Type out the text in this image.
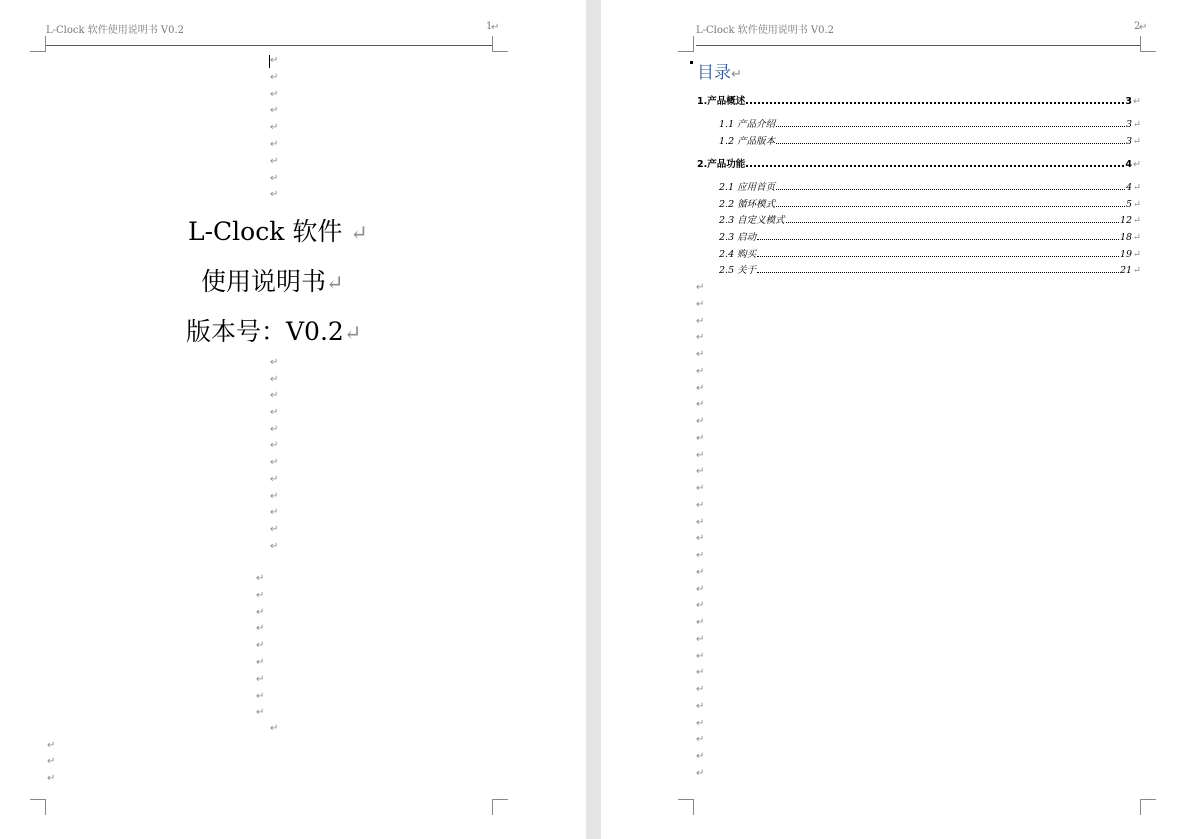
L-Clock 软件使用说明书 V0.2	1
↵
↵
↵
↵
↵
↵
↵
↵
↵
↵
L-Clock 软件 ↵
使用说明书↵
版本号：V0.2↵
↵
↵
↵
↵
↵
↵
↵
↵
↵
↵
↵
↵
↵
↵
↵
↵
↵
↵
↵
↵
↵
↵
↵
↵
↵
L-Clock 软件使用说明书 V0.2	2
↵
目录↵
1.产品概述	3 ↵
1.1 产品介绍	3 ↵
1.2 产品版本	3 ↵
2.产品功能	4 ↵
2.1 应用首页	4 ↵
2.2 循环模式	5 ↵
2.3 自定义模式	12 ↵
2.3 启动	18 ↵
2.4 购买	19 ↵
2.5 关于	21 ↵
↵
↵
↵
↵
↵
↵
↵
↵
↵
↵
↵
↵
↵
↵
↵
↵
↵
↵
↵
↵
↵
↵
↵
↵
↵
↵
↵
↵
↵
↵
